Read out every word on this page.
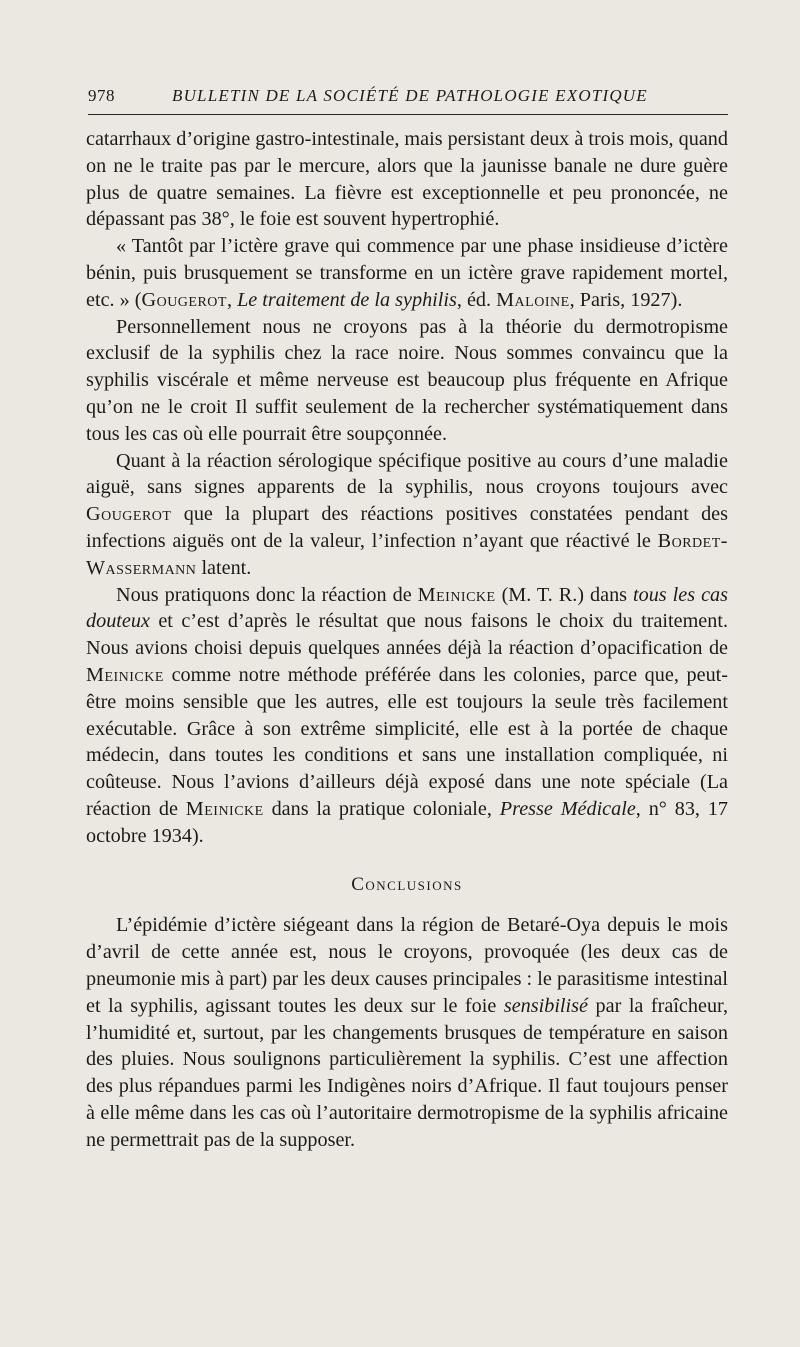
978	BULLETIN DE LA SOCIÉTÉ DE PATHOLOGIE EXOTIQUE

catarrhaux d’origine gastro-intestinale, mais persistant deux à trois mois, quand on ne le traite pas par le mercure, alors que la jaunisse banale ne dure guère plus de quatre semaines. La fièvre est exceptionnelle et peu prononcée, ne dépassant pas 38°, le foie est souvent hypertrophié.

« Tantôt par l’ictère grave qui commence par une phase insidieuse d’ictère bénin, puis brusquement se transforme en un ictère grave rapidement mortel, etc. » (Gougerot, Le traitement de la syphilis, éd. Maloine, Paris, 1927).

Personnellement nous ne croyons pas à la théorie du dermotropisme exclusif de la syphilis chez la race noire. Nous sommes convaincu que la syphilis viscérale et même nerveuse est beaucoup plus fréquente en Afrique qu’on ne le croit Il suffit seulement de la rechercher systématiquement dans tous les cas où elle pourrait être soupçonnée.

Quant à la réaction sérologique spécifique positive au cours d’une maladie aiguë, sans signes apparents de la syphilis, nous croyons toujours avec Gougerot que la plupart des réactions positives constatées pendant des infections aiguës ont de la valeur, l’infection n’ayant que réactivé le Bordet-Wassermann latent.

Nous pratiquons donc la réaction de Meinicke (M. T. R.) dans tous les cas douteux et c’est d’après le résultat que nous faisons le choix du traitement. Nous avions choisi depuis quelques années déjà la réaction d’opacification de Meinicke comme notre méthode préférée dans les colonies, parce que, peut-être moins sensible que les autres, elle est toujours la seule très facilement exécutable. Grâce à son extrême simplicité, elle est à la portée de chaque médecin, dans toutes les conditions et sans une installation compliquée, ni coûteuse. Nous l’avions d’ailleurs déjà exposé dans une note spéciale (La réaction de Meinicke dans la pratique coloniale, Presse Médicale, n° 83, 17 octobre 1934).

Conclusions

L’épidémie d’ictère siégeant dans la région de Betaré-Oya depuis le mois d’avril de cette année est, nous le croyons, provoquée (les deux cas de pneumonie mis à part) par les deux causes principales : le parasitisme intestinal et la syphilis, agissant toutes les deux sur le foie sensibilisé par la fraîcheur, l’humidité et, surtout, par les changements brusques de température en saison des pluies. Nous soulignons particulièrement la syphilis. C’est une affection des plus répandues parmi les Indigènes noirs d’Afrique. Il faut toujours penser à elle même dans les cas où l’autoritaire dermotropisme de la syphilis africaine ne permettrait pas de la supposer.
